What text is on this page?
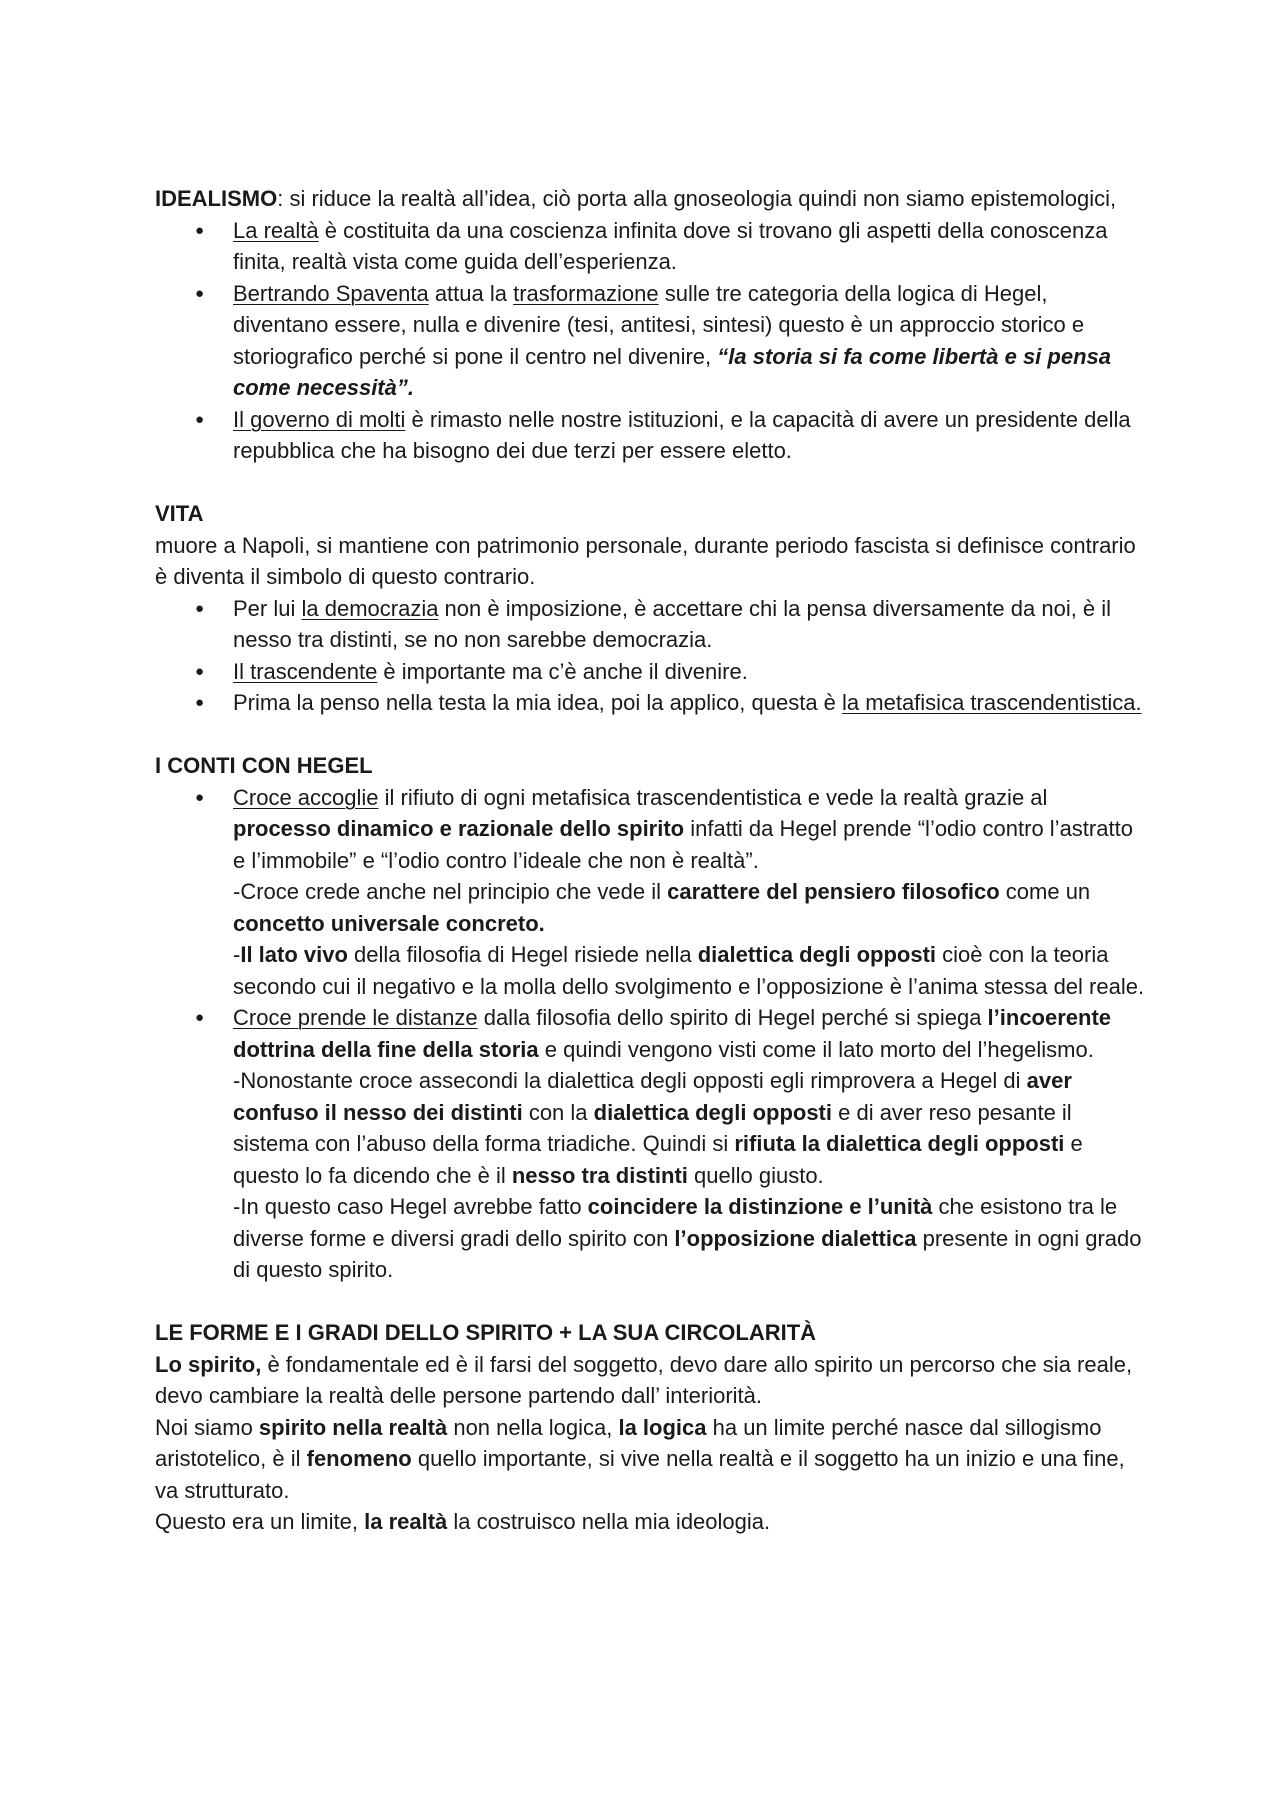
IDEALISMO: si riduce la realtà all’idea, ciò porta alla gnoseologia quindi non siamo epistemologici,

● La realtà è costituita da una coscienza infinita dove si trovano gli aspetti della conoscenza finita, realtà vista come guida dell’esperienza.
● Bertrando Spaventa attua la trasformazione sulle tre categoria della logica di Hegel, diventano essere, nulla e divenire (tesi, antitesi, sintesi) questo è un approccio storico e storiografico perché si pone il centro nel divenire, “la storia si fa come libertà e si pensa come necessità”.
● Il governo di molti è rimasto nelle nostre istituzioni, e la capacità di avere un presidente della repubblica che ha bisogno dei due terzi per essere eletto.

VITA

muore a Napoli, si mantiene con patrimonio personale, durante periodo fascista si definisce contrario è diventa il simbolo di questo contrario.

● Per lui la democrazia non è imposizione, è accettare chi la pensa diversamente da noi, è il nesso tra distinti, se no non sarebbe democrazia.
● Il trascendente è importante ma c’è anche il divenire.
● Prima la penso nella testa la mia idea, poi la applico, questa è la metafisica trascendentistica.

I CONTI CON HEGEL

● Croce accoglie il rifiuto di ogni metafisica trascendentistica e vede la realtà grazie al processo dinamico e razionale dello spirito infatti da Hegel prende “l’odio contro l’astratto e l’immobile” e “l’odio contro l’ideale che non è realtà”.

-Croce crede anche nel principio che vede il carattere del pensiero filosofico come un concetto universale concreto.

-Il lato vivo della filosofia di Hegel risiede nella dialettica degli opposti cioè con la teoria secondo cui il negativo e la molla dello svolgimento e l’opposizione è l’anima stessa del reale.

● Croce prende le distanze dalla filosofia dello spirito di Hegel perché si spiega l’incoerente dottrina della fine della storia e quindi vengono visti come il lato morto del l’hegelismo.

-Nonostante croce assecondi la dialettica degli opposti egli rimprovera a Hegel di aver confuso il nesso dei distinti con la dialettica degli opposti e di aver reso pesante il sistema con l’abuso della forma triadiche. Quindi si rifiuta la dialettica degli opposti e questo lo fa dicendo che è il nesso tra distinti quello giusto.

-In questo caso Hegel avrebbe fatto coincidere la distinzione e l’unità che esistono tra le diverse forme e diversi gradi dello spirito con l’opposizione dialettica presente in ogni grado di questo spirito.

LE FORME E I GRADI DELLO SPIRITO + LA SUA CIRCOLARITÀ

Lo spirito, è fondamentale ed è il farsi del soggetto, devo dare allo spirito un percorso che sia reale, devo cambiare la realtà delle persone partendo dall’ interiorità.

Noi siamo spirito nella realtà non nella logica, la logica ha un limite perché nasce dal sillogismo aristotelico, è il fenomeno quello importante, si vive nella realtà e il soggetto ha un inizio e una fine, va strutturato.

Questo era un limite, la realtà la costruisco nella mia ideologia.
